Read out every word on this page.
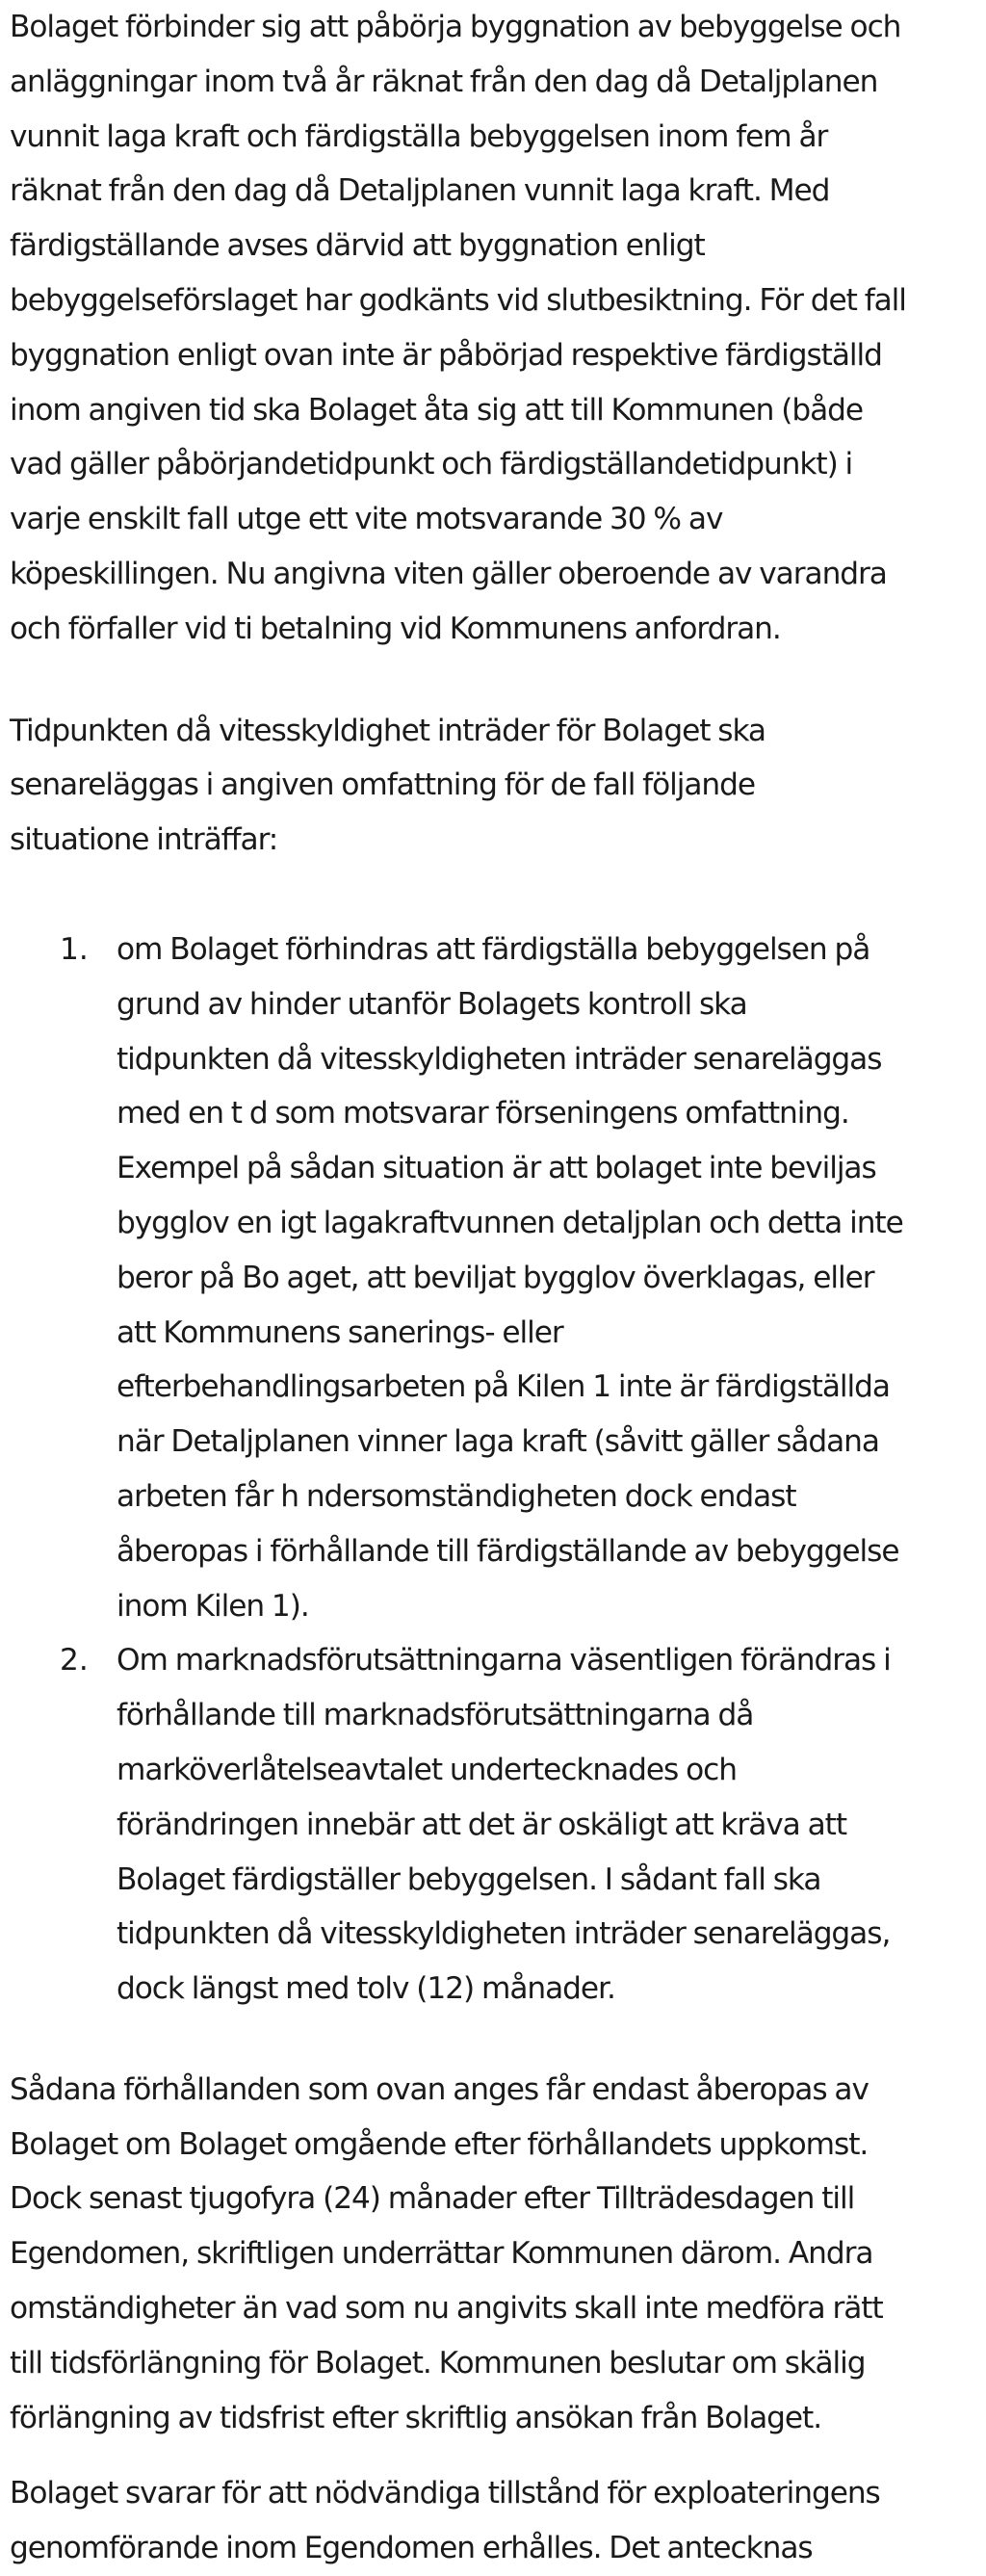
Bolaget förbinder sig att påbörja byggnation av bebyggelse och
anläggningar inom två år räknat från den dag då Detaljplanen
vunnit laga kraft och färdigställa bebyggelsen inom fem år
räknat från den dag då Detaljplanen vunnit laga kraft. Med
färdigställande avses därvid att byggnation enligt
bebyggelseförslaget har godkänts vid slutbesiktning. För det fall
byggnation enligt ovan inte är påbörjad respektive färdigställd
inom angiven tid ska Bolaget åta sig att till Kommunen (både
vad gäller påbörjandetidpunkt och färdigställandetidpunkt) i
varje enskilt fall utge ett vite motsvarande 30 % av
köpeskillingen. Nu angivna viten gäller oberoende av varandra
och förfaller vid ti betalning vid Kommunens anfordran.

Tidpunkten då vitesskyldighet inträder för Bolaget ska
senareläggas i angiven omfattning för de fall följande
situatione inträffar:

1. om Bolaget förhindras att färdigställa bebyggelsen på
grund av hinder utanför Bolagets kontroll ska
tidpunkten då vitesskyldigheten inträder senareläggas
med en t d som motsvarar förseningens omfattning.
Exempel på sådan situation är att bolaget inte beviljas
bygglov en igt lagakraftvunnen detaljplan och detta inte
beror på Bo aget, att beviljat bygglov överklagas, eller
att Kommunens sanerings- eller
efterbehandlingsarbeten på Kilen 1 inte är färdigställda
när Detaljplanen vinner laga kraft (såvitt gäller sådana
arbeten får h ndersomständigheten dock endast
åberopas i förhållande till färdigställande av bebyggelse
inom Kilen 1).

2. Om marknadsförutsättningarna väsentligen förändras i
förhållande till marknadsförutsättningarna då
marköverlåtelseavtalet undertecknades och
förändringen innebär att det är oskäligt att kräva att
Bolaget färdigställer bebyggelsen. I sådant fall ska
tidpunkten då vitesskyldigheten inträder senareläggas,
dock längst med tolv (12) månader.

Sådana förhållanden som ovan anges får endast åberopas av
Bolaget om Bolaget omgående efter förhållandets uppkomst.
Dock senast tjugofyra (24) månader efter Tillträdesdagen till
Egendomen, skriftligen underrättar Kommunen därom. Andra
omständigheter än vad som nu angivits skall inte medföra rätt
till tidsförlängning för Bolaget. Kommunen beslutar om skälig
förlängning av tidsfrist efter skriftlig ansökan från Bolaget.

Bolaget svarar för att nödvändiga tillstånd för exploateringens
genomförande inom Egendomen erhålles. Det antecknas
